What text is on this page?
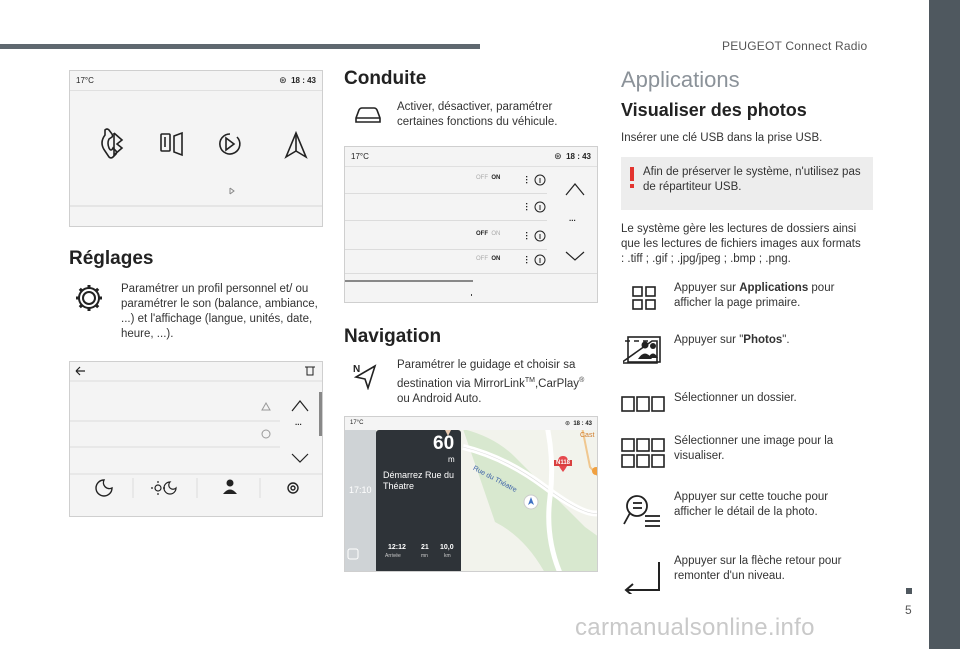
PEUGEOT Connect Radio
5
carmanualsonline.info
17°C	⊛ 18 : 43
Réglages

Paramétrer un profil personnel et/ ou paramétrer le son (balance, ambiance, ...) et l'affichage (langue, unités, date, heure, ...).

...
Conduite

Activer, désactiver, paramétrer certaines fonctions du véhicule.

17°C	⊛ 18 : 43
OFF ON
OFF ON
OFF ON
...
Navigation
N	Paramétrer le guidage et choisir sa destination via MirrorLink™,CarPlay® ou Android Auto.

17°C	⊛  18 : 43
17:10
60
m
Démarrez Rue du Théatre
12:12
Arrivée
21
mn
10,0
km
Rue du Théatre
N118
Cast
Applications
Visualiser des photos

Insérer une clé USB dans la prise USB.

Afin de préserver le système, n'utilisez pas de répartiteur USB.

Le système gère les lectures de dossiers ainsi que les lectures de fichiers images aux formats : .tiff ; .gif ; .jpg/jpeg ; .bmp ; .png.

Appuyer sur Applications pour afficher la page primaire.

Appuyer sur "Photos".

Sélectionner un dossier.

Sélectionner une image pour la visualiser.

Appuyer sur cette touche pour afficher le détail de la photo.

Appuyer sur la flèche retour pour remonter d'un niveau.
